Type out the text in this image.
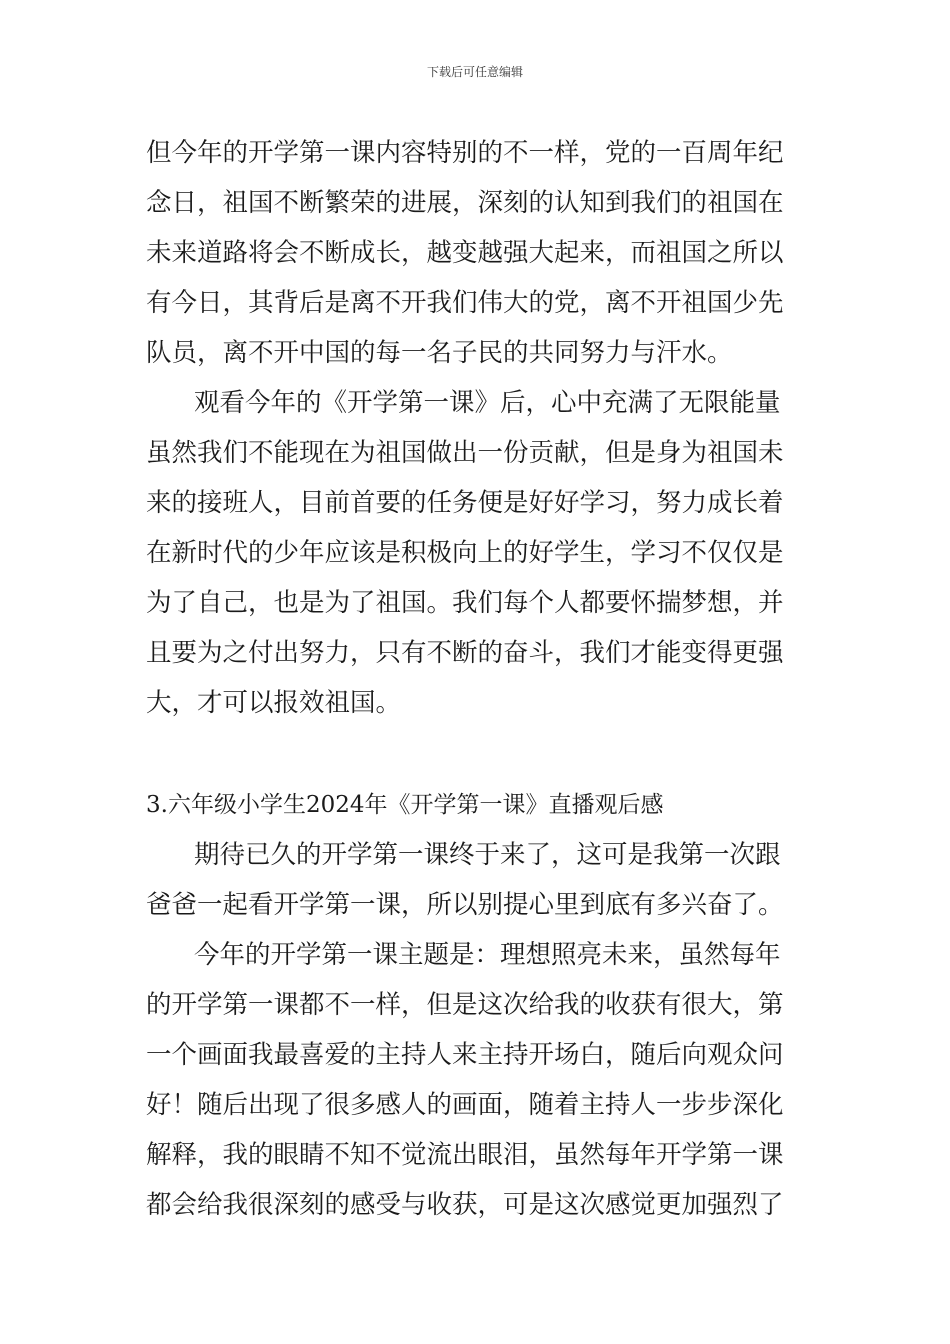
下载后可任意编辑
但今年的开学第一课内容特别的不一样，党的一百周年纪
念日，祖国不断繁荣的进展，深刻的认知到我们的祖国在
未来道路将会不断成长，越变越强大起来，而祖国之所以
有今日，其背后是离不开我们伟大的党，离不开祖国少先
队员，离不开中国的每一名子民的共同努力与汗水。
观看今年的《开学第一课》后，心中充满了无限能量
虽然我们不能现在为祖国做出一份贡献，但是身为祖国未
来的接班人，目前首要的任务便是好好学习，努力成长着
在新时代的少年应该是积极向上的好学生，学习不仅仅是
为了自己，也是为了祖国。我们每个人都要怀揣梦想，并
且要为之付出努力，只有不断的奋斗，我们才能变得更强
大，才可以报效祖国。
3.六年级小学生2024年《开学第一课》直播观后感
期待已久的开学第一课终于来了，这可是我第一次跟
爸爸一起看开学第一课，所以别提心里到底有多兴奋了。
今年的开学第一课主题是：理想照亮未来，虽然每年
的开学第一课都不一样，但是这次给我的收获有很大，第
一个画面我最喜爱的主持人来主持开场白，随后向观众问
好！随后出现了很多感人的画面，随着主持人一步步深化
解释，我的眼睛不知不觉流出眼泪，虽然每年开学第一课
都会给我很深刻的感受与收获，可是这次感觉更加强烈了
